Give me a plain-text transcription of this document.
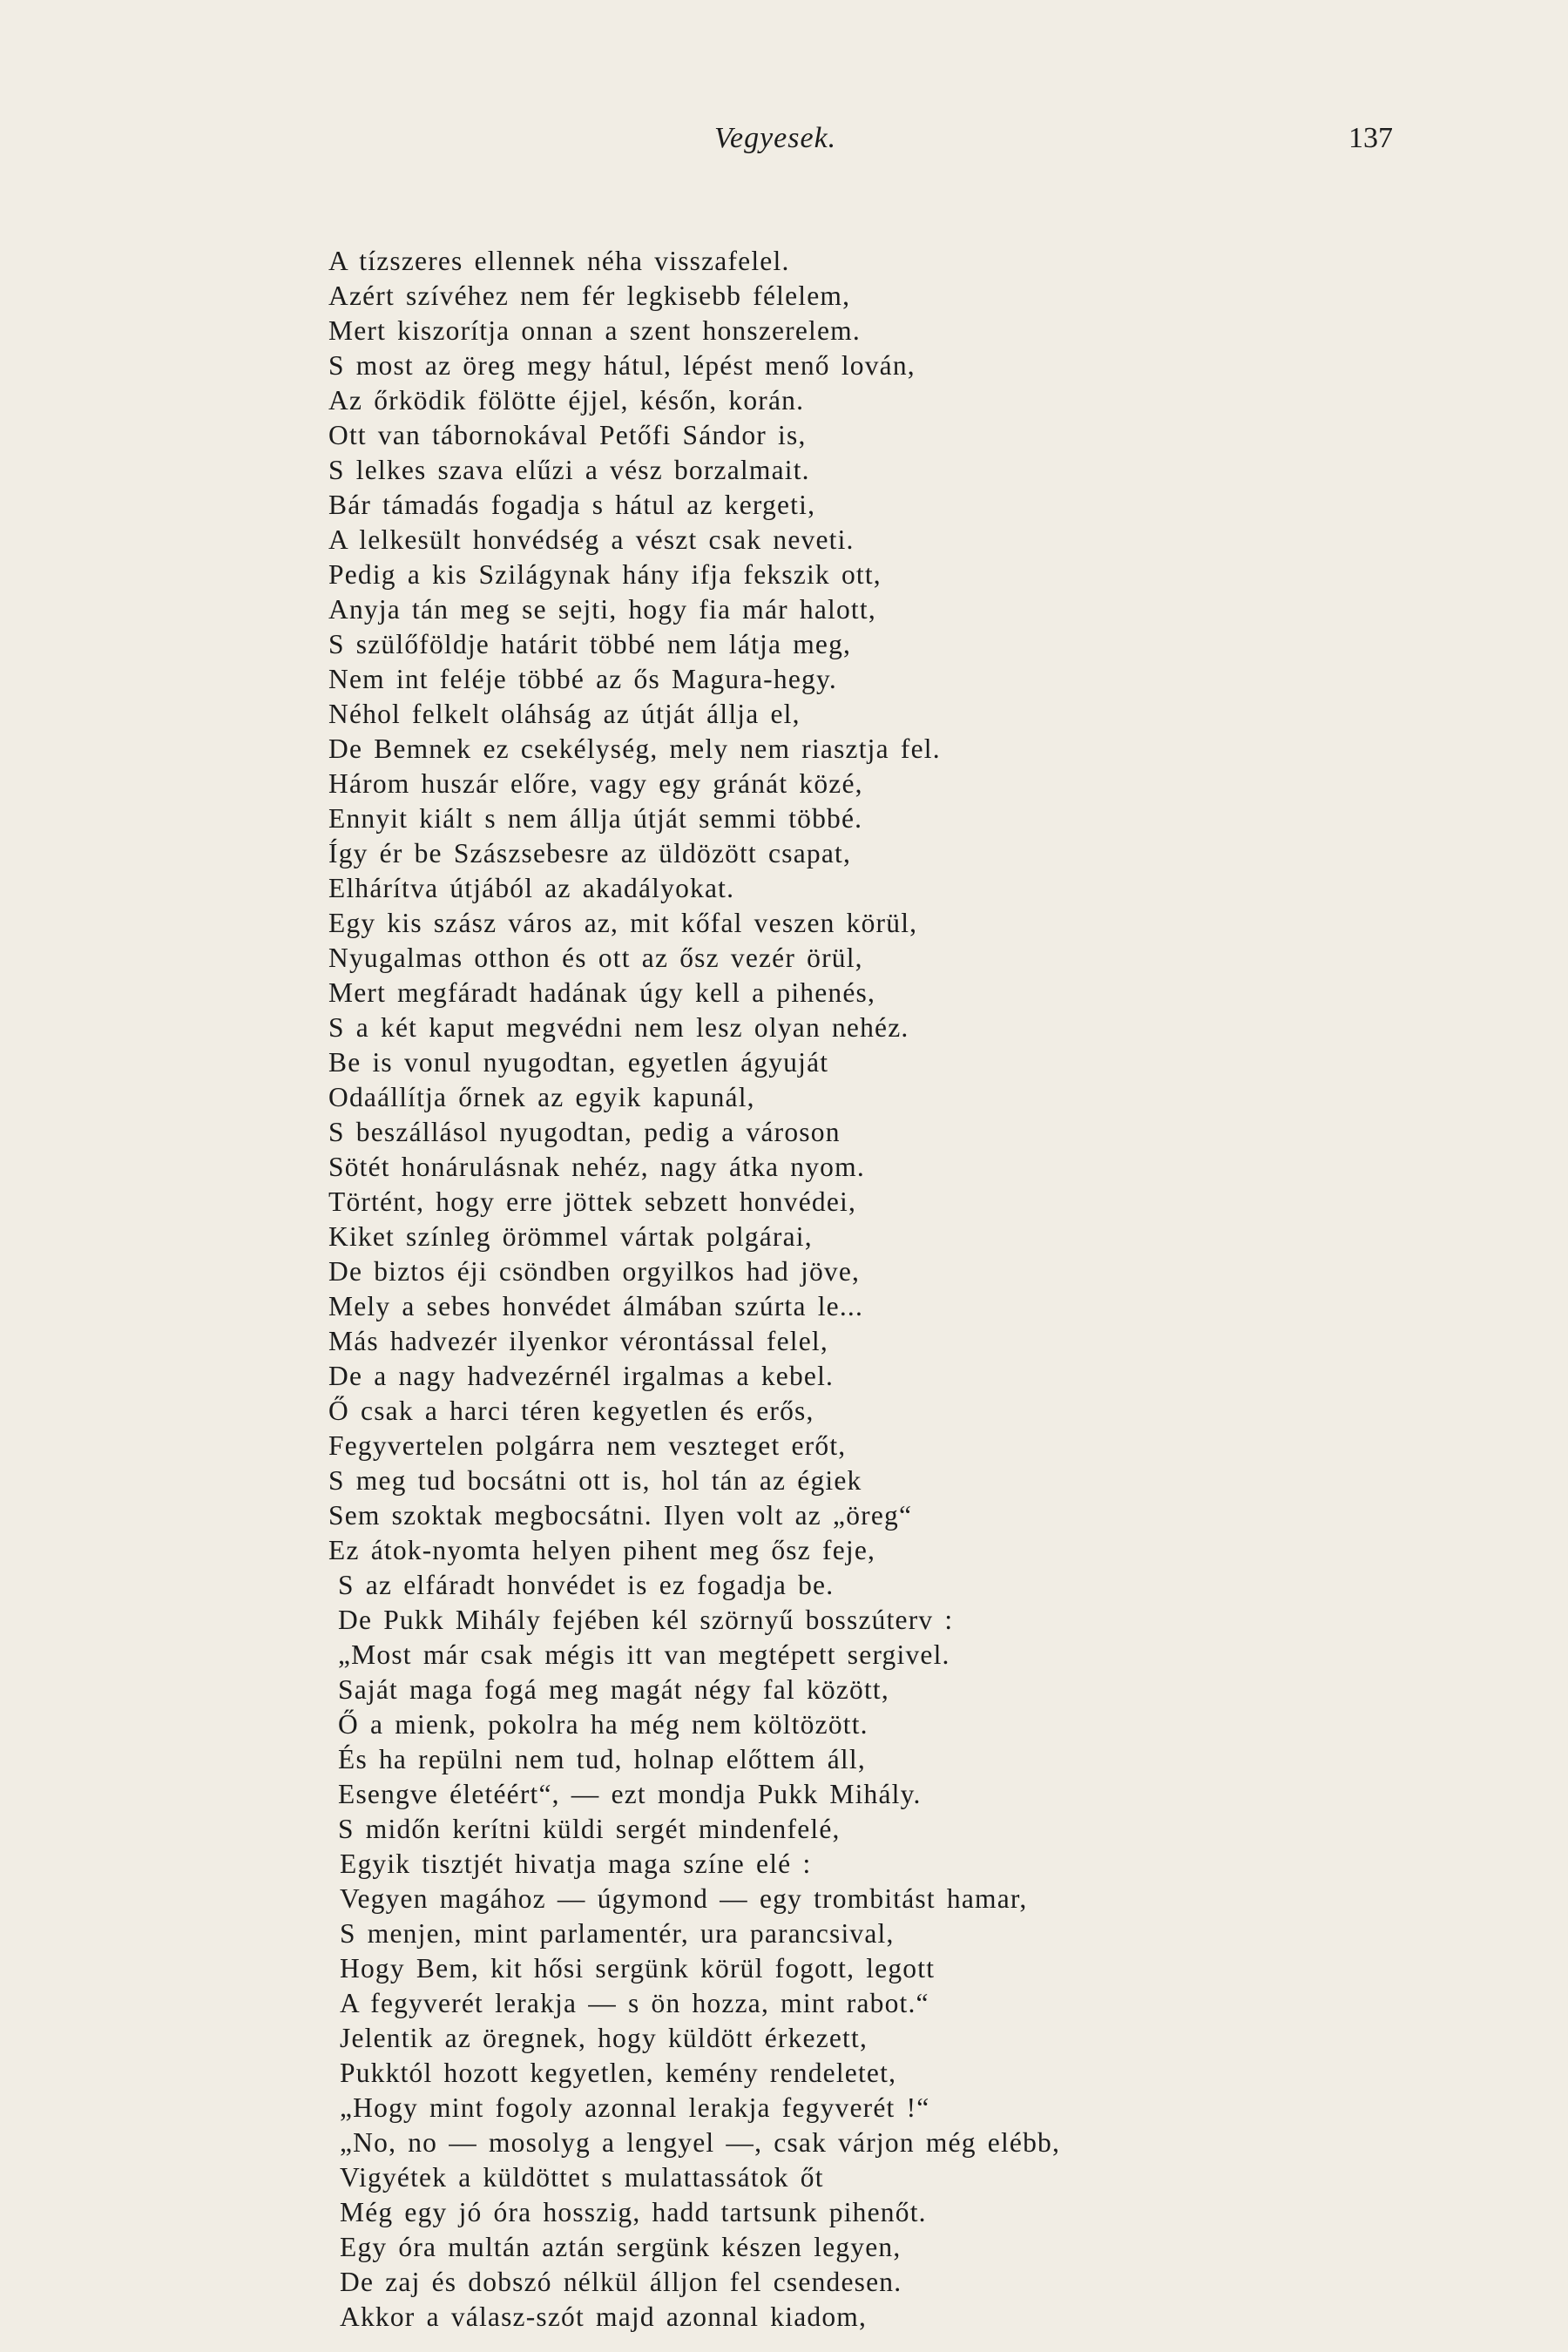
Vegyesek.	137
A tízszeres ellennek néha visszafelel.
Azért szívéhez nem fér legkisebb félelem,
Mert kiszorítja onnan a szent honszerelem.
S most az öreg megy hátul, lépést menő lován,
Az őrködik fölötte éjjel, későn, korán.
Ott van tábornokával Petőfi Sándor is,
S lelkes szava elűzi a vész borzalmait.
Bár támadás fogadja s hátul az kergeti,
A lelkesült honvédség a vészt csak neveti.
Pedig a kis Szilágynak hány ifja fekszik ott,
Anyja tán meg se sejti, hogy fia már halott,
S szülőföldje határit többé nem látja meg,
Nem int feléje többé az ős Magura-hegy.
Néhol felkelt oláhság az útját állja el,
De Bemnek ez csekélység, mely nem riasztja fel.
Három huszár előre, vagy egy gránát közé,
Ennyit kiált s nem állja útját semmi többé.
Így ér be Szászsebesre az üldözött csapat,
Elhárítva útjából az akadályokat.
Egy kis szász város az, mit kőfal veszen körül,
Nyugalmas otthon és ott az ősz vezér örül,
Mert megfáradt hadának úgy kell a pihenés,
S a két kaput megvédni nem lesz olyan nehéz.
Be is vonul nyugodtan, egyetlen ágyuját
Odaállítja őrnek az egyik kapunál,
S beszállásol nyugodtan, pedig a városon
Sötét honárulásnak nehéz, nagy átka nyom.
Történt, hogy erre jöttek sebzett honvédei,
Kiket színleg örömmel vártak polgárai,
De biztos éji csöndben orgyilkos had jöve,
Mely a sebes honvédet álmában szúrta le...
Más hadvezér ilyenkor vérontással felel,
De a nagy hadvezérnél irgalmas a kebel.
Ő csak a harci téren kegyetlen és erős,
Fegyvertelen polgárra nem veszteget erőt,
S meg tud bocsátni ott is, hol tán az égiek
Sem szoktak megbocsátni. Ilyen volt az „öreg“
Ez átok-nyomta helyen pihent meg ősz feje,
S az elfáradt honvédet is ez fogadja be.
De Pukk Mihály fejében kél szörnyű bosszúterv :
„Most már csak mégis itt van megtépett sergivel.
Saját maga fogá meg magát négy fal között,
Ő a mienk, pokolra ha még nem költözött.
És ha repülni nem tud, holnap előttem áll,
Esengve életéért“, — ezt mondja Pukk Mihály.
S midőn kerítni küldi sergét mindenfelé,
Egyik tisztjét hivatja maga színe elé :
Vegyen magához — úgymond — egy trombitást hamar,
S menjen, mint parlamentér, ura parancsival,
Hogy Bem, kit hősi sergünk körül fogott, legott
A fegyverét lerakja — s ön hozza, mint rabot.“
Jelentik az öregnek, hogy küldött érkezett,
Pukktól hozott kegyetlen, kemény rendeletet,
„Hogy mint fogoly azonnal lerakja fegyverét !“
„No, no — mosolyg a lengyel —, csak várjon még elébb,
Vigyétek a küldöttet s mulattassátok őt
Még egy jó óra hosszig, hadd tartsunk pihenőt.
Egy óra multán aztán sergünk készen legyen,
De zaj és dobszó nélkül álljon fel csendesen.
Akkor a válasz-szót majd azonnal kiadom,
